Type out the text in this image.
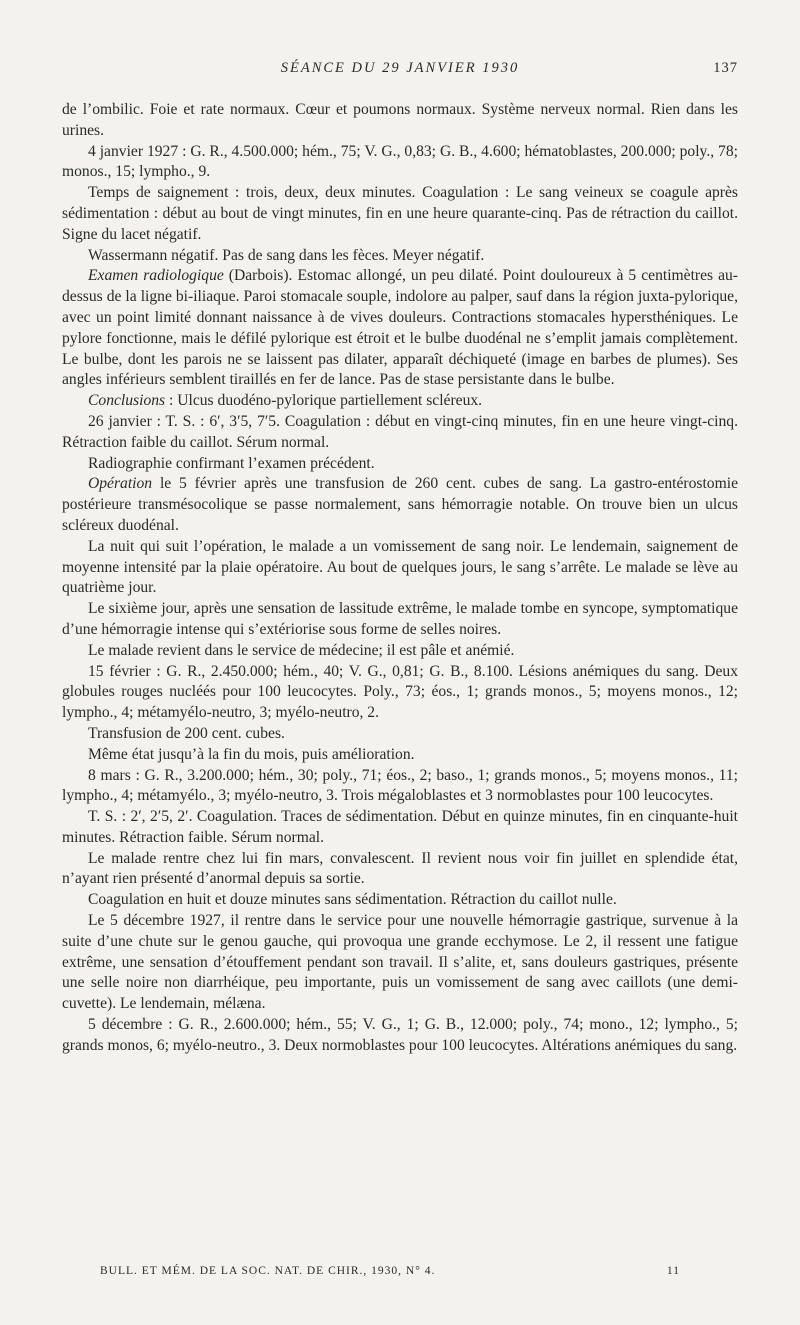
SÉANCE DU 29 JANVIER 1930	137

de l’ombilic. Foie et rate normaux. Cœur et poumons normaux. Système nerveux normal. Rien dans les urines.

4 janvier 1927 : G. R., 4.500.000; hém., 75; V. G., 0,83; G. B., 4.600; hématoblastes, 200.000; poly., 78; monos., 15; lympho., 9.

Temps de saignement : trois, deux, deux minutes. Coagulation : Le sang veineux se coagule après sédimentation : début au bout de vingt minutes, fin en une heure quarante-cinq. Pas de rétraction du caillot. Signe du lacet négatif.

Wassermann négatif. Pas de sang dans les fèces. Meyer négatif.

Examen radiologique (Darbois). Estomac allongé, un peu dilaté. Point douloureux à 5 centimètres au-dessus de la ligne bi-iliaque. Paroi stomacale souple, indolore au palper, sauf dans la région juxta-pylorique, avec un point limité donnant naissance à de vives douleurs. Contractions stomacales hypersthéniques. Le pylore fonctionne, mais le défilé pylorique est étroit et le bulbe duodénal ne s’emplit jamais complètement. Le bulbe, dont les parois ne se laissent pas dilater, apparaît déchiqueté (image en barbes de plumes). Ses angles inférieurs semblent tiraillés en fer de lance. Pas de stase persistante dans le bulbe.

Conclusions : Ulcus duodéno-pylorique partiellement scléreux.

26 janvier : T. S. : 6′, 3′5, 7′5. Coagulation : début en vingt-cinq minutes, fin en une heure vingt-cinq. Rétraction faible du caillot. Sérum normal.

Radiographie confirmant l’examen précédent.

Opération le 5 février après une transfusion de 260 cent. cubes de sang. La gastro-entérostomie postérieure transmésocolique se passe normalement, sans hémorragie notable. On trouve bien un ulcus scléreux duodénal.

La nuit qui suit l’opération, le malade a un vomissement de sang noir. Le lendemain, saignement de moyenne intensité par la plaie opératoire. Au bout de quelques jours, le sang s’arrête. Le malade se lève au quatrième jour.

Le sixième jour, après une sensation de lassitude extrême, le malade tombe en syncope, symptomatique d’une hémorragie intense qui s’extériorise sous forme de selles noires.

Le malade revient dans le service de médecine; il est pâle et anémié.

15 février : G. R., 2.450.000; hém., 40; V. G., 0,81; G. B., 8.100. Lésions anémiques du sang. Deux globules rouges nucléés pour 100 leucocytes. Poly., 73; éos., 1; grands monos., 5; moyens monos., 12; lympho., 4; métamyélo-neutro, 3; myélo-neutro, 2.

Transfusion de 200 cent. cubes.

Même état jusqu’à la fin du mois, puis amélioration.

8 mars : G. R., 3.200.000; hém., 30; poly., 71; éos., 2; baso., 1; grands monos., 5; moyens monos., 11; lympho., 4; métamyélo., 3; myélo-neutro, 3. Trois mégaloblastes et 3 normoblastes pour 100 leucocytes.

T. S. : 2′, 2′5, 2′. Coagulation. Traces de sédimentation. Début en quinze minutes, fin en cinquante-huit minutes. Rétraction faible. Sérum normal.

Le malade rentre chez lui fin mars, convalescent. Il revient nous voir fin juillet en splendide état, n’ayant rien présenté d’anormal depuis sa sortie.

Coagulation en huit et douze minutes sans sédimentation. Rétraction du caillot nulle.

Le 5 décembre 1927, il rentre dans le service pour une nouvelle hémorragie gastrique, survenue à la suite d’une chute sur le genou gauche, qui provoqua une grande ecchymose. Le 2, il ressent une fatigue extrême, une sensation d’étouffement pendant son travail. Il s’alite, et, sans douleurs gastriques, présente une selle noire non diarrhéique, peu importante, puis un vomissement de sang avec caillots (une demi-cuvette). Le lendemain, mélæna.

5 décembre : G. R., 2.600.000; hém., 55; V. G., 1; G. B., 12.000; poly., 74; mono., 12; lympho., 5; grands monos, 6; myélo-neutro., 3. Deux normoblastes pour 100 leucocytes. Altérations anémiques du sang.

BULL. ET MÉM. DE LA SOC. NAT. DE CHIR., 1930, N° 4.	11
